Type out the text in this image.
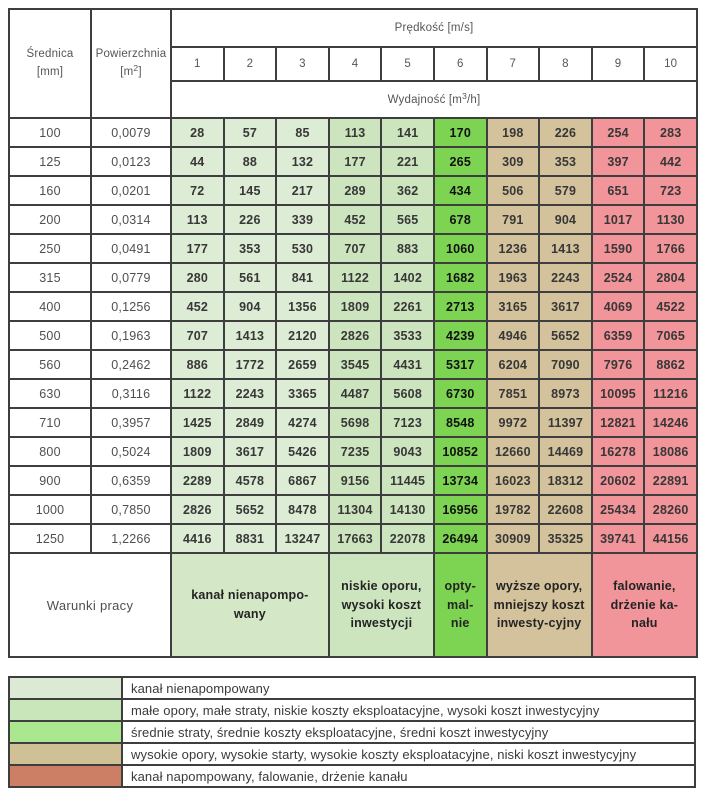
Średnica
[mm]

Powierzchnia
$[m^2]$
	Prędkość [m/s]
		1	2	3	4	5	6	7	8	9	10
		Wydajność $[m^3/h]$									
100	0,0079	28	57	85	113	141	170	198	226	254	283
125	0,0123	44	88	132	177	221	265	309	353	397	442
160	0,0201	72	145	217	289	362	434	506	579	651	723
200	0,0314	113	226	339	452	565	678	791	904	1017	1130
250	0,0491	177	353	530	707	883	1060	1236	1413	1590	1766
315	0,0779	280	561	841	1122	1402	1682	1963	2243	2524	2804
400	0,1256	452	904	1356	1809	2261	2713	3165	3617	4069	4522
500	0,1963	707	1413	2120	2826	3533	4239	4946	5652	6359	7065
560	0,2462	886	1772	2659	3545	4431	5317	6204	7090	7976	8862
630	0,3116	1122	2243	3365	4487	5608	6730	7851	8973	10095	11216
710	0,3957	1425	2849	4274	5698	7123	8548	9972	11397	12821	14246
800	0,5024	1809	3617	5426	7235	9043	10852	12660	14469	16278	18086
900	0,6359	2289	4578	6867	9156	11445	13734	16023	18312	20602	22891
1000	0,7850	2826	5652	8478	11304	14130	16956	19782	22608	25434	28260
1250	1,2266	4416	8831	13247	17663	22078	26494	30909	35325	39741	44156
Warunki pracy		kanał nienapompo-wany			niskie oporu, wysoki koszt inwestycji		opty-mal-nie	wyższe opory, mniejszy koszt inwesty-cyjny		falowanie, drżenie ka-nału	
	kanał nienapompowany
	małe opory, małe straty, niskie koszty eksploatacyjne, wysoki koszt inwestycyjny
	średnie straty, średnie koszty eksploatacyjne, średni koszt inwestycyjny
	wysokie opory, wysokie starty, wysokie koszty eksploatacyjne, niski koszt inwestycyjny
	kanał napompowany, falowanie, drżenie kanału
